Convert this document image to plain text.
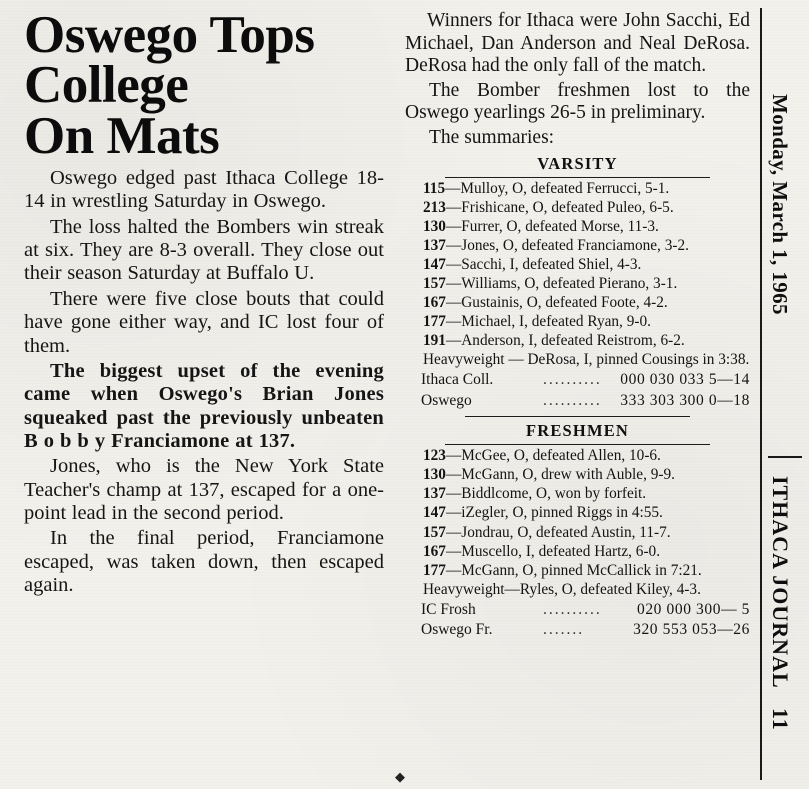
Oswego Tops
College
On Mats

Oswego edged past Ithaca College 18-14 in wrestling Saturday in Oswego.

The loss halted the Bombers win streak at six. They are 8-3 overall. They close out their season Saturday at Buffalo U.

There were five close bouts that could have gone either way, and IC lost four of them.

The biggest upset of the evening came when Oswego's Brian Jones squeaked past the previously unbeaten B o b b y Franciamone at 137.

Jones, who is the New York State Teacher's champ at 137, escaped for a one-point lead in the second period.

In the final period, Franciamone escaped, was taken down, then escaped again.

Winners for Ithaca were John Sacchi, Ed Michael, Dan Anderson and Neal DeRosa. DeRosa had the only fall of the match.

The Bomber freshmen lost to the Oswego yearlings 26-5 in preliminary.

The summaries:

VARSITY

115—Mulloy, O, defeated Ferrucci, 5-1.

213—Frishicane, O, defeated Puleo, 6-5.

130—Furrer, O, defeated Morse, 11-3.

137—Jones, O, defeated Franciamone, 3-2.

147—Sacchi, I, defeated Shiel, 4-3.

157—Williams, O, defeated Pierano, 3-1.

167—Gustainis, O, defeated Foote, 4-2.

177—Michael, I, defeated Ryan, 9-0.

191—Anderson, I, defeated Reistrom, 6-2.

Heavyweight — DeRosa, I, pinned Cousings in 3:38.

Ithaca Coll.	..........	000 030 033 5—14
Oswego	..........	333 303 300 0—18
FRESHMEN

123—McGee, O, defeated Allen, 10-6.

130—McGann, O, drew with Auble, 9-9.

137—Biddlcome, O, won by forfeit.

147—iZegler, O, pinned Riggs in 4:55.

157—Jondrau, O, defeated Austin, 11-7.

167—Muscello, I, defeated Hartz, 6-0.

177—McGann, O, pinned McCallick in 7:21.

Heavyweight—Ryles, O, defeated Kiley, 4-3.

IC Frosh	..........	020 000 300— 5
Oswego Fr.	.......	320 553 053—26
Monday, March 1, 1965
ITHACA JOURNAL
11
◆
